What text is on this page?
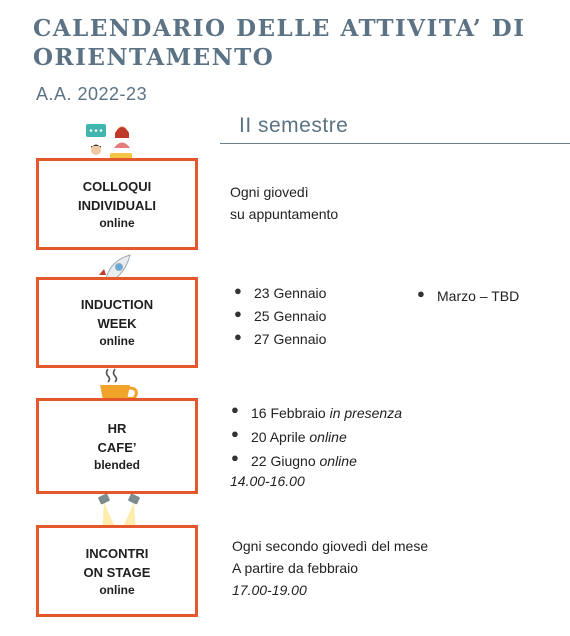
CALENDARIO DELLE ATTIVITA’ DI
ORIENTAMENTO
A.A. 2022-23
II semestre
COLLOQUI
INDIVIDUALI
online
Ogni giovedì
su appuntamento
INDUCTION
WEEK
online
● 23 Gennaio
● 25 Gennaio
● 27 Gennaio
● Marzo – TBD
HR
CAFE’
blended
● 16 Febbraio in presenza
● 20 Aprile online
● 22 Giugno online
14.00-16.00
INCONTRI
ON STAGE
online
Ogni secondo giovedì del mese
A partire da febbraio
17.00-19.00
